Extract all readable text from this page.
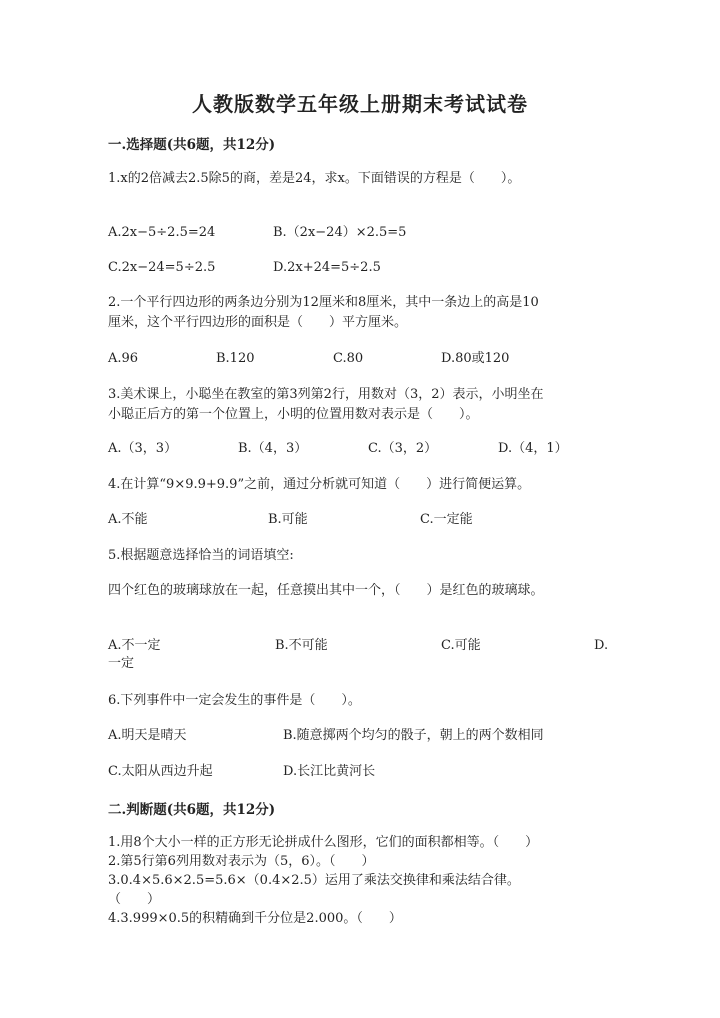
人教版数学五年级上册期末考试试卷
一.选择题(共6题，共12分)
1.x的2倍减去2.5除5的商，差是24，求x。下面错误的方程是（　　）。
A.2x−5÷2.5=24	B.（2x−24）×2.5=5
C.2x−24=5÷2.5	D.2x+24=5÷2.5
2.一个平行四边形的两条边分别为12厘米和8厘米，其中一条边上的高是10
厘米，这个平行四边形的面积是（　　）平方厘米。
A.96	B.120	C.80	D.80或120
3.美术课上，小聪坐在教室的第3列第2行，用数对（3，2）表示，小明坐在
小聪正后方的第一个位置上，小明的位置用数对表示是（　　）。
A.（3，3）	B.（4，3）	C.（3，2）	D.（4，1）
4.在计算“9×9.9+9.9”之前，通过分析就可知道（　　）进行简便运算。
A.不能	B.可能	C.一定能
5.根据题意选择恰当的词语填空:
四个红色的玻璃球放在一起，任意摸出其中一个，（　　）是红色的玻璃球。
A.不一定	B.不可能	C.可能	D.
一定
6.下列事件中一定会发生的事件是（　　）。
A.明天是晴天	B.随意掷两个均匀的骰子，朝上的两个数相同
C.太阳从西边升起	D.长江比黄河长
二.判断题(共6题，共12分)
1.用8个大小一样的正方形无论拼成什么图形，它们的面积都相等。（　　）
2.第5行第6列用数对表示为（5，6）。（　　）
3.0.4×5.6×2.5=5.6×（0.4×2.5）运用了乘法交换律和乘法结合律。
（　　）
4.3.999×0.5的积精确到千分位是2.000。（　　）
